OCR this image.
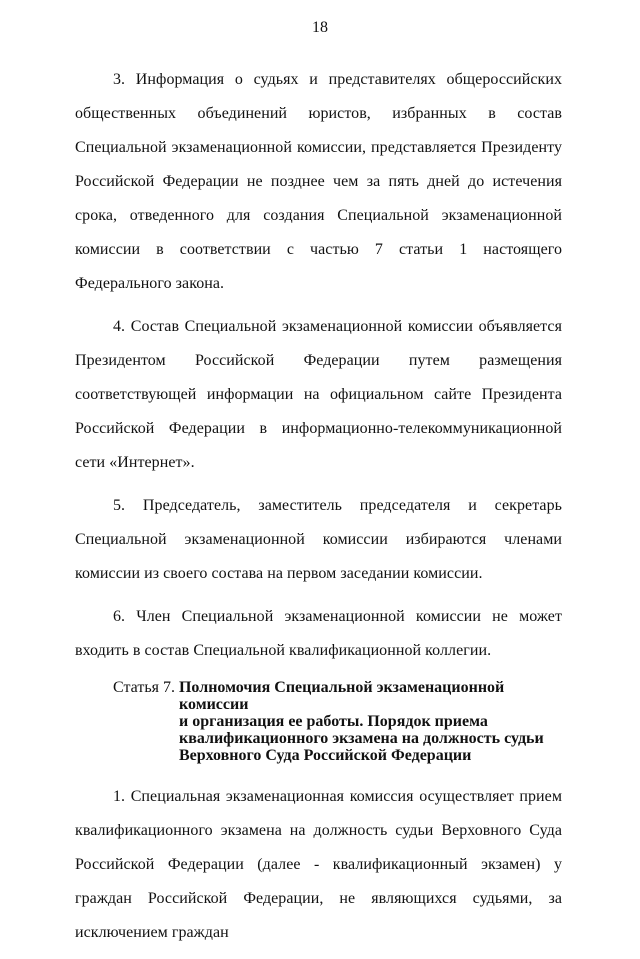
18

3. Информация о судьях и представителях общероссийских общественных объединений юристов, избранных в состав Специальной экзаменационной комиссии, представляется Президенту Российской Федерации не позднее чем за пять дней до истечения срока, отведенного для создания Специальной экзаменационной комиссии в соответствии с частью 7 статьи 1 настоящего Федерального закона.

4. Состав Специальной экзаменационной комиссии объявляется Президентом Российской Федерации путем размещения соответствующей информации на официальном сайте Президента Российской Федерации в информационно-телекоммуникационной сети «Интернет».

5. Председатель, заместитель председателя и секретарь Специальной экзаменационной комиссии избираются членами комиссии из своего состава на первом заседании комиссии.

6. Член Специальной экзаменационной комиссии не может входить в состав Специальной квалификационной коллегии.

Статья 7. Полномочия Специальной экзаменационной комиссии
и организация ее работы. Порядок приема
квалификационного экзамена на должность судьи
Верховного Суда Российской Федерации

1. Специальная экзаменационная комиссия осуществляет прием квалификационного экзамена на должность судьи Верховного Суда Российской Федерации (далее - квалификационный экзамен) у граждан Российской Федерации, не являющихся судьями, за исключением граждан
